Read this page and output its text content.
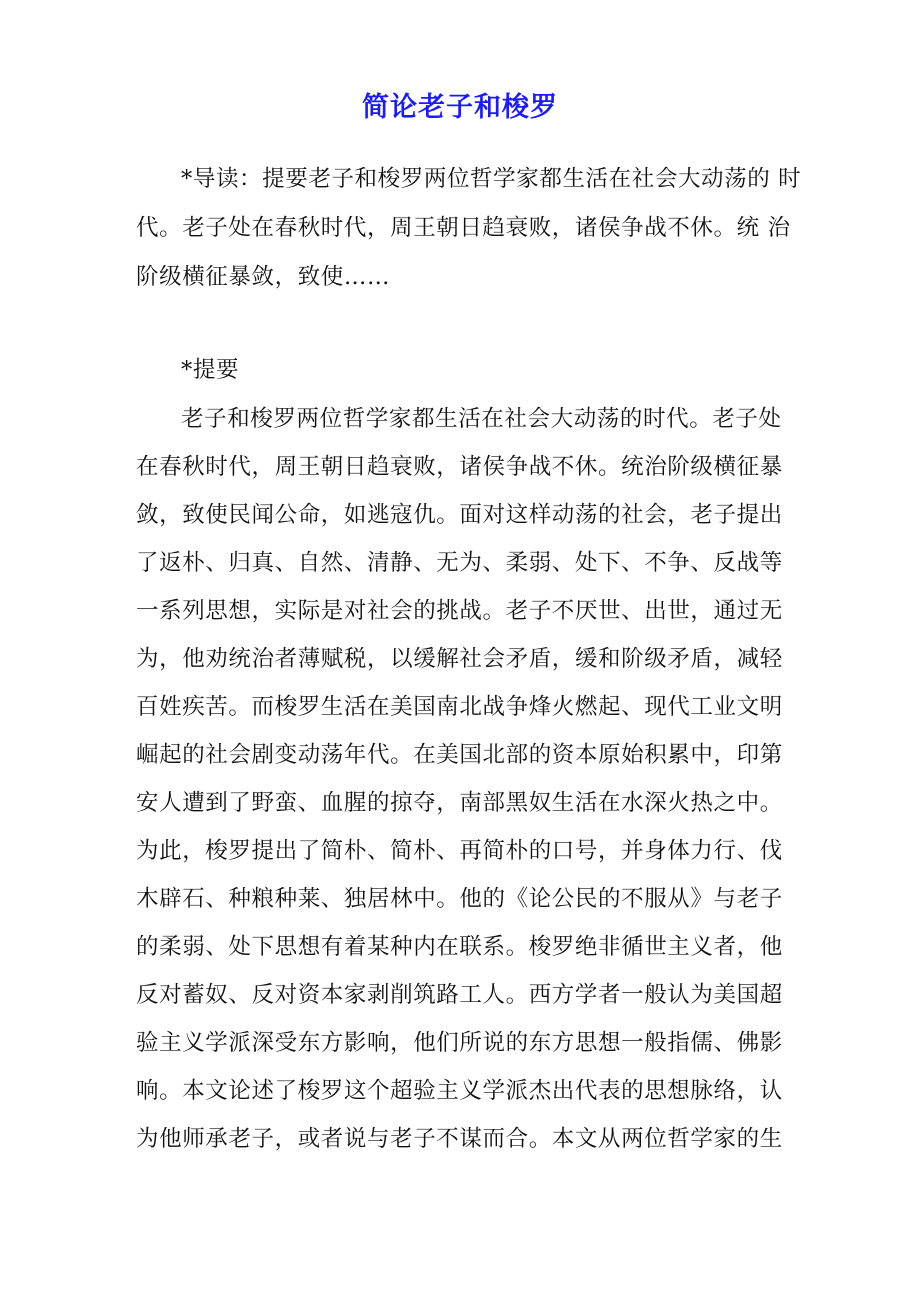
简论老子和梭罗
*导读：提要老子和梭罗两位哲学家都生活在社会大动荡的 时
代。老子处在春秋时代，周王朝日趋衰败，诸侯争战不休。统 治
阶级横征暴敛，致使……
*提要
老子和梭罗两位哲学家都生活在社会大动荡的时代。老子处
在春秋时代，周王朝日趋衰败，诸侯争战不休。统治阶级横征暴
敛，致使民闻公命，如逃寇仇。面对这样动荡的社会，老子提出
了返朴、归真、自然、清静、无为、柔弱、处下、不争、反战等
一系列思想，实际是对社会的挑战。老子不厌世、出世，通过无
为，他劝统治者薄赋税，以缓解社会矛盾，缓和阶级矛盾，减轻
百姓疾苦。而梭罗生活在美国南北战争烽火燃起、现代工业文明
崛起的社会剧变动荡年代。在美国北部的资本原始积累中，印第
安人遭到了野蛮、血腥的掠夺，南部黑奴生活在水深火热之中。
为此，梭罗提出了简朴、简朴、再简朴的口号，并身体力行、伐
木辟石、种粮种莱、独居林中。他的《论公民的不服从》与老子
的柔弱、处下思想有着某种内在联系。梭罗绝非循世主义者，他
反对蓄奴、反对资本家剥削筑路工人。西方学者一般认为美国超
验主义学派深受东方影响，他们所说的东方思想一般指儒、佛影
响。本文论述了梭罗这个超验主义学派杰出代表的思想脉络，认
为他师承老子，或者说与老子不谋而合。本文从两位哲学家的生
